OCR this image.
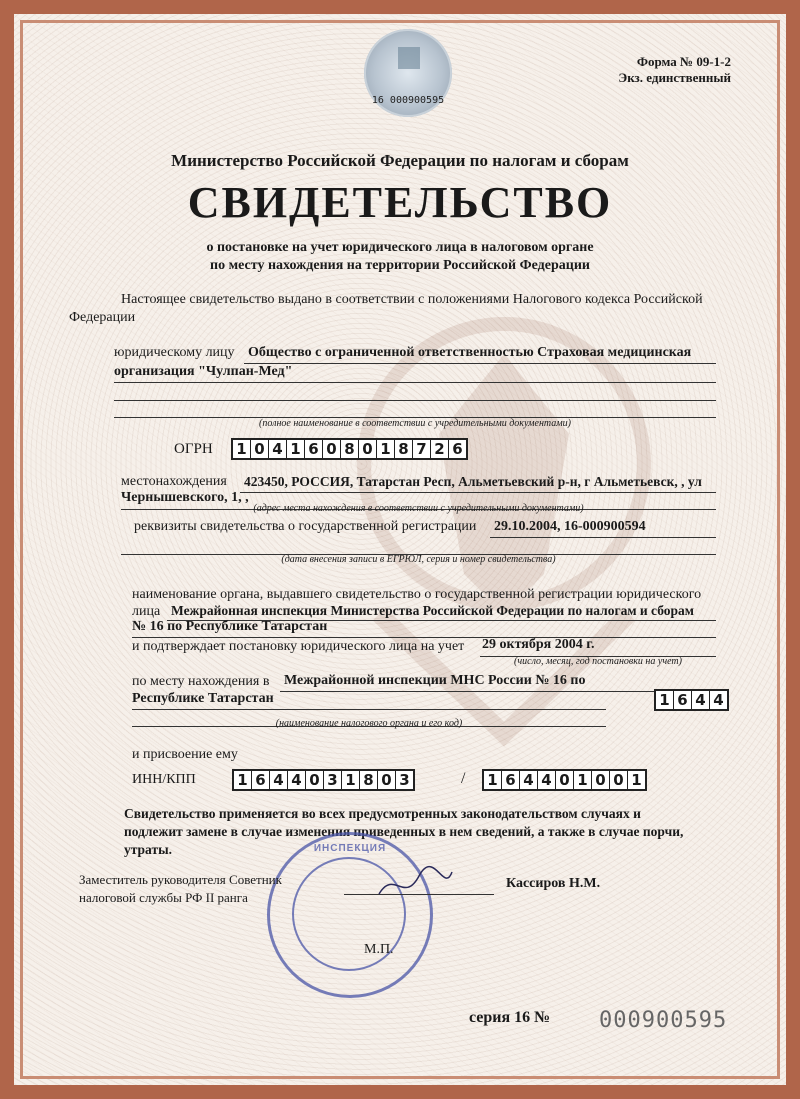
16 000900595
Форма № 09-1-2
Экз. единственный
Министерство Российской Федерации по налогам и сборам
СВИДЕТЕЛЬСТВО
о постановке на учет юридического лица в налоговом органе
по месту нахождения на территории Российской Федерации
Настоящее свидетельство выдано в соответствии с положениями Налогового кодекса Российской
Федерации
юридическому лицу Общество с ограниченной ответственностью Страховая медицинская
организация "Чулпан-Мед"
(полное наименование в соответствии с учредительными документами)
ОГРН 1 0 4 1 6 0 8 0 1 8 7 2 6
местонахождения 423450, РОССИЯ, Татарстан Респ, Альметьевский р-н, г Альметьевск, , ул
Чернышевского, 1, ,
(адрес места нахождения в соответствии с учредительными документами)
реквизиты свидетельства о государственной регистрации 29.10.2004, 16-000900594
(дата внесения записи в ЕГРЮЛ, серия и номер свидетельства)
наименование органа, выдавшего свидетельство о государственной регистрации юридического
лица Межрайонная инспекция Министерства Российской Федерации по налогам и сборам
№ 16 по Республике Татарстан
и подтверждает постановку юридического лица на учет 29 октября 2004 г.
(число, месяц, год постановки на учет)
по месту нахождения в Межрайонной инспекции МНС России № 16 по
Республике Татарстан	1 6 4 4
(наименование налогового органа и его код)
и присвоение ему
ИНН/КПП	1 6 4 4 0 3 1 8 0 3	/ 1 6 4 4 0 1 0 0 1
Свидетельство применяется во всех предусмотренных законодательством случаях и
подлежит замене в случае изменения приведенных в нем сведений, а также в случае порчи,
утраты.	ИНСПЕКЦИЯ
Заместитель руководителя Советник
налоговой службы РФ II ранга
Кассиров Н.М.
М.П.
серия 16 № 000900595
